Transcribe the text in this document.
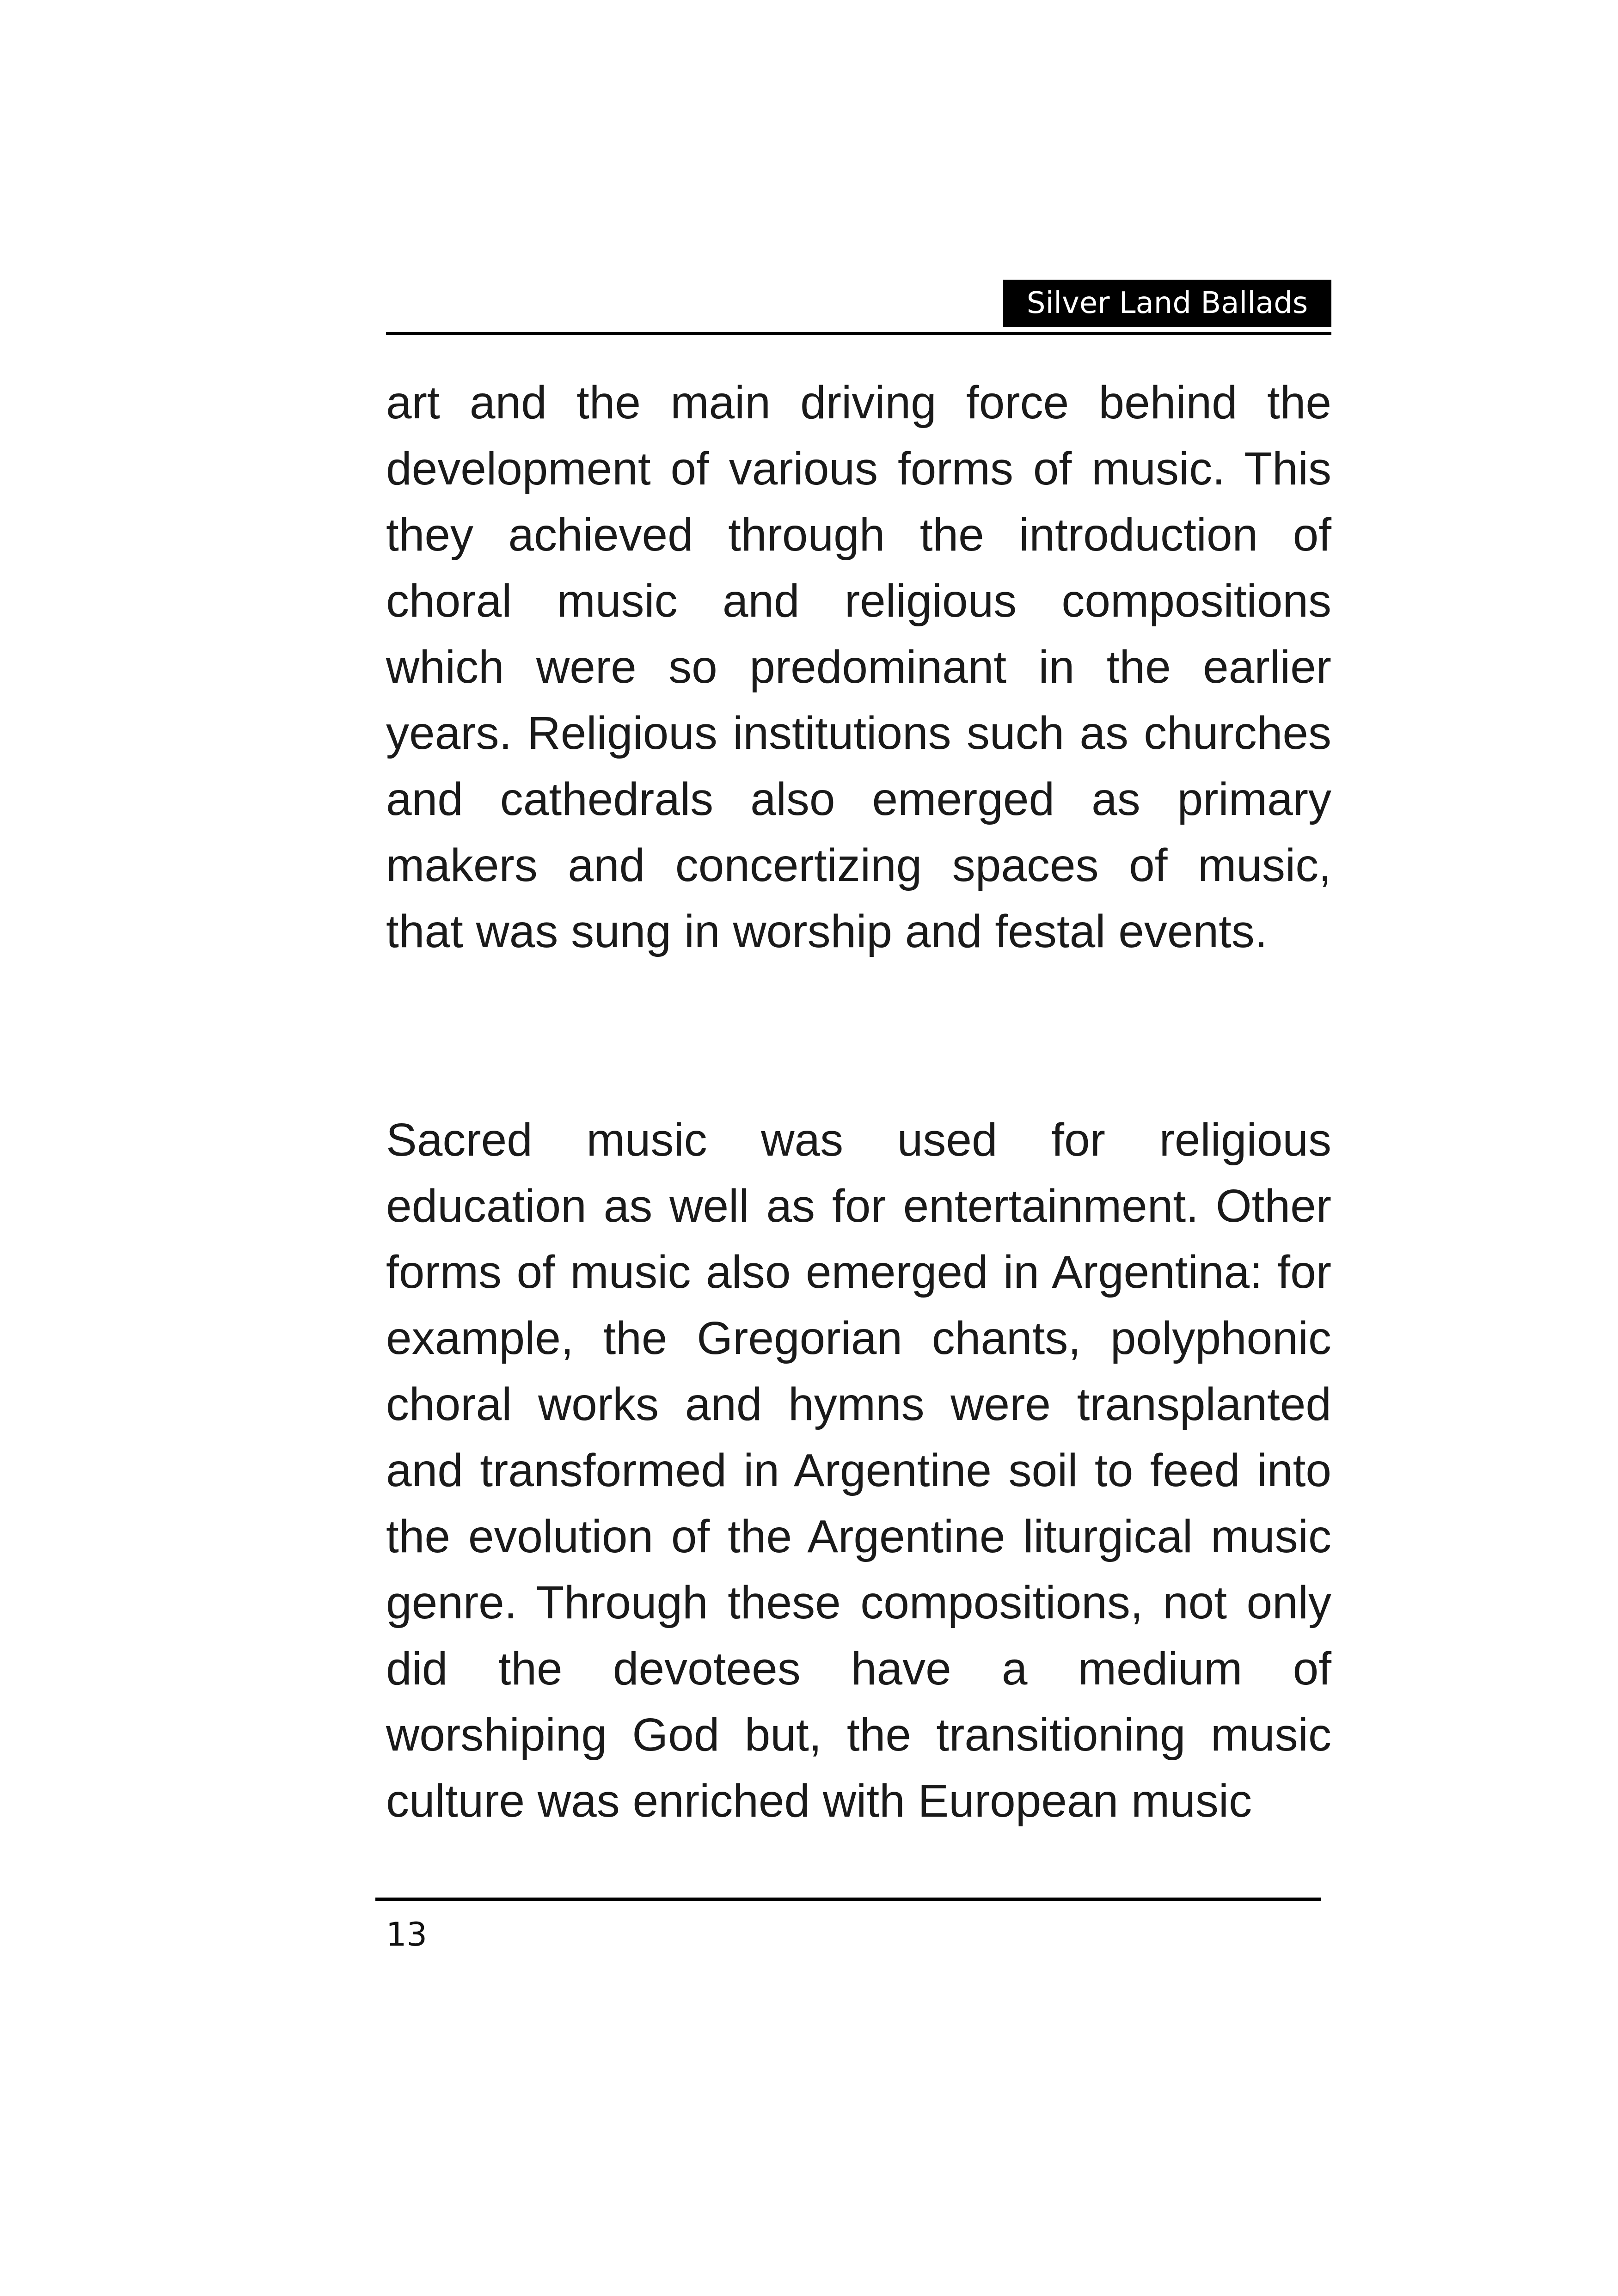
Silver Land Ballads

art and the main driving force behind the development of various forms of music. This they achieved through the introduction of choral music and religious compositions which were so predominant in the earlier years. Religious institutions such as churches and cathedrals also emerged as primary makers and concertizing spaces of music, that was sung in worship and festal events.

Sacred music was used for religious education as well as for entertainment. Other forms of music also emerged in Argentina: for example, the Gregorian chants, polyphonic choral works and hymns were transplanted and transformed in Argentine soil to feed into the evolution of the Argentine liturgical music genre. Through these compositions, not only did the devotees have a medium of worshiping God but, the transitioning music culture was enriched with European music

13
